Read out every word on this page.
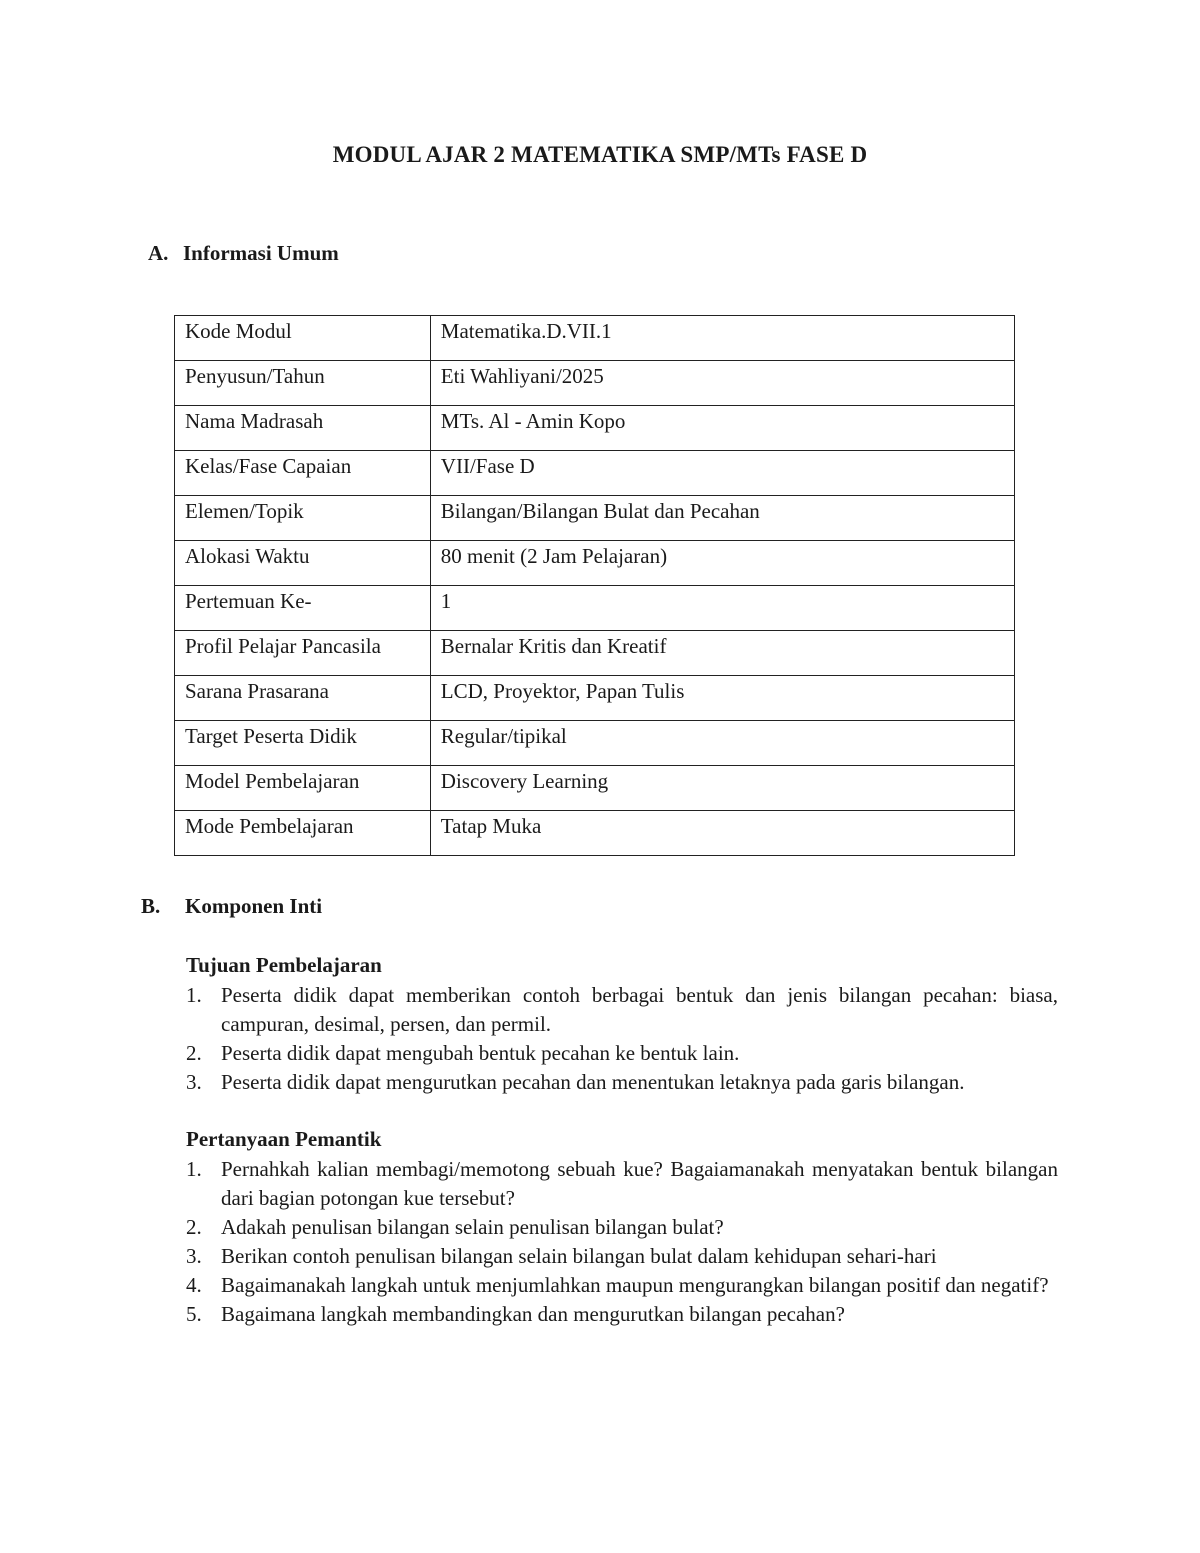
MODUL AJAR 2 MATEMATIKA SMP/MTs FASE D
A. Informasi Umum
Kode Modul	Matematika.D.VII.1
Penyusun/Tahun	Eti Wahliyani/2025
Nama Madrasah	MTs. Al - Amin Kopo
Kelas/Fase Capaian	VII/Fase D
Elemen/Topik	Bilangan/Bilangan Bulat dan Pecahan
Alokasi Waktu	80 menit (2 Jam Pelajaran)
Pertemuan Ke-	1
Profil Pelajar Pancasila	Bernalar Kritis dan Kreatif
Sarana Prasarana	LCD, Proyektor, Papan Tulis
Target Peserta Didik	Regular/tipikal
Model Pembelajaran	Discovery Learning
Mode Pembelajaran	Tatap Muka
B. Komponen Inti
Tujuan Pembelajaran
1. Peserta didik dapat memberikan contoh berbagai bentuk dan jenis bilangan pecahan: biasa, campuran, desimal, persen, dan permil.
2. Peserta didik dapat mengubah bentuk pecahan ke bentuk lain.
3. Peserta didik dapat mengurutkan pecahan dan menentukan letaknya pada garis bilangan.
Pertanyaan Pemantik
1. Pernahkah kalian membagi/memotong sebuah kue? Bagaiamanakah menyatakan bentuk bilangan dari bagian potongan kue tersebut?
2. Adakah penulisan bilangan selain penulisan bilangan bulat?
3. Berikan contoh penulisan bilangan selain bilangan bulat dalam kehidupan sehari-hari
4. Bagaimanakah langkah untuk menjumlahkan maupun mengurangkan bilangan positif dan negatif?
5. Bagaimana langkah membandingkan dan mengurutkan bilangan pecahan?
